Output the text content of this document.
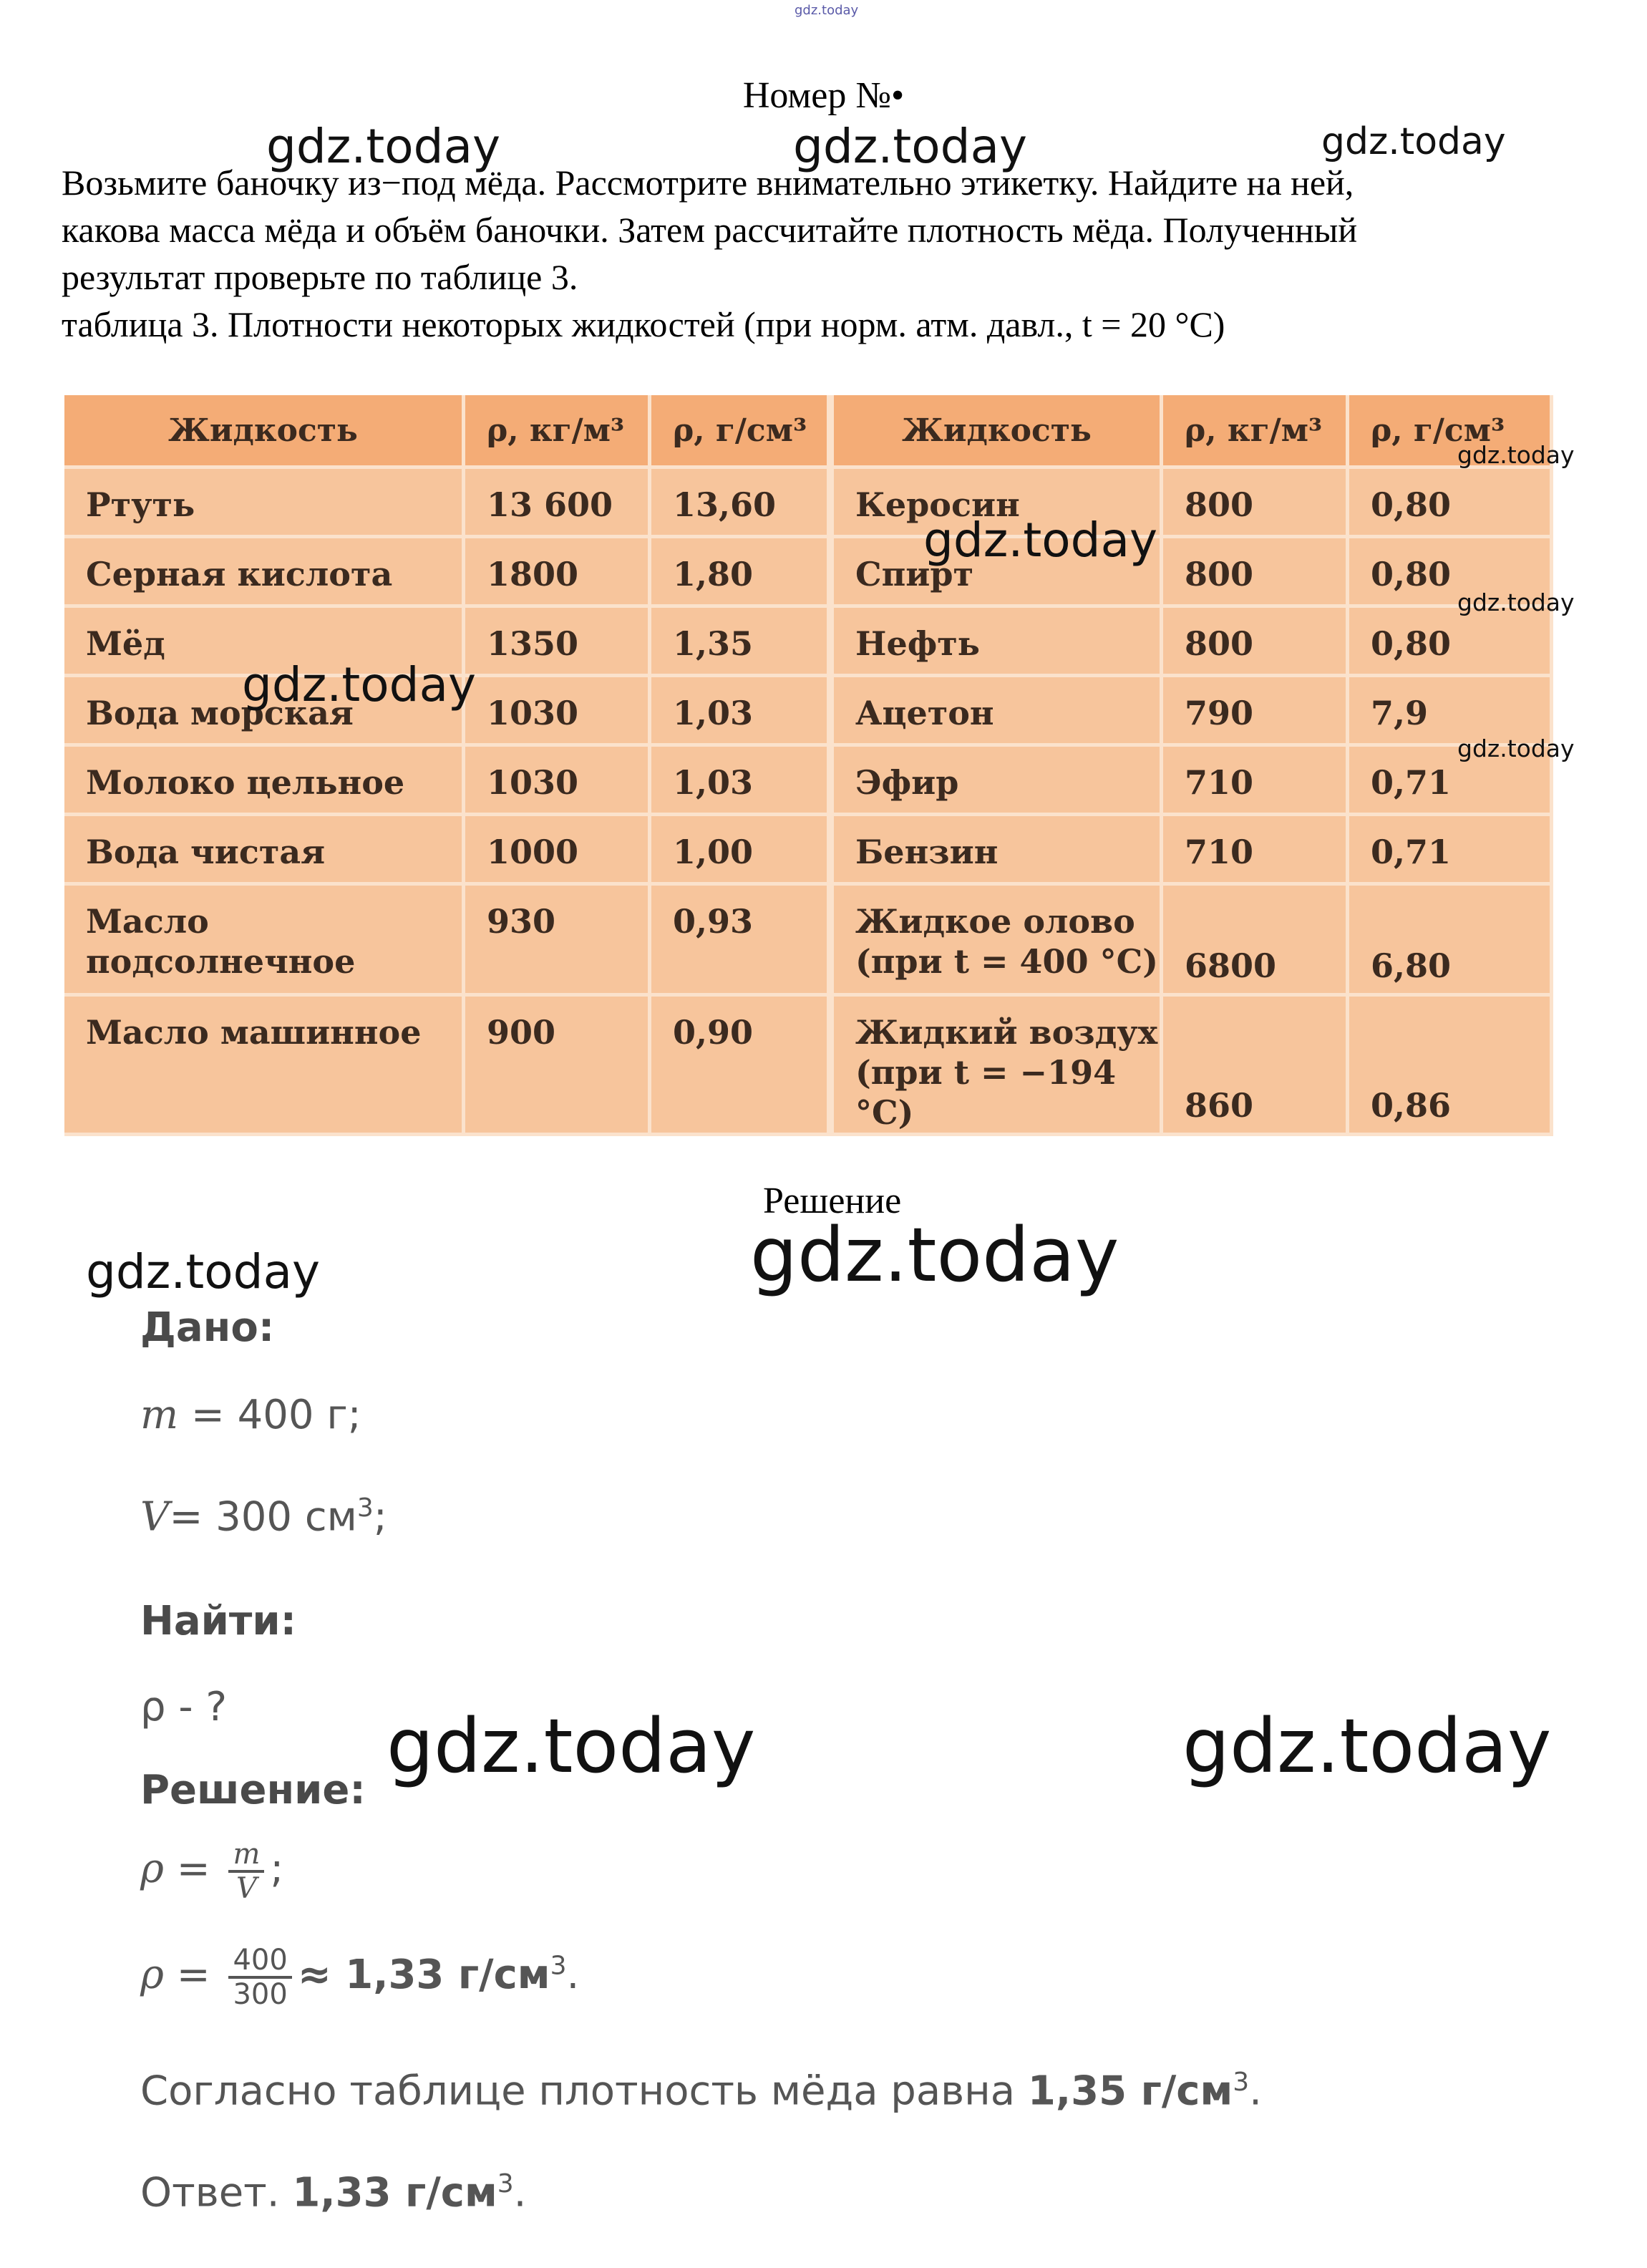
gdz.today
gdz.today	gdz.today	gdz.today
Номер №•

Возьмите баночку из−под мёда. Рассмотрите внимательно этикетку. Найдите на ней,

какова масса мёда и объём баночки. Затем рассчитайте плотность мёда. Полученный

результат проверьте по таблице 3.

таблица 3. Плотности некоторых жидкостей (при норм. атм. давл., t = 20 °C)

Жидкость	ρ, кг/м³	ρ, г/см³	Жидкость	ρ, кг/м³	ρ, г/см³
Ртуть	13 600	13,60	Керосин	800	0,80
Серная кислота	1800	1,80	Спирт	800	0,80
Мёд	1350	1,35	Нефть	800	0,80
Вода морская	1030	1,03	Ацетон	790	7,9
Молоко цельное	1030	1,03	Эфир	710	0,71
Вода чистая	1000	1,00	Бензин	710	0,71
Масло подсолнечное	930	0,93	Жидкое олово (при t = 400 °C)	6800	6,80
Масло машинное	900	0,90	Жидкий воздух (при t = −194 °C)	860	0,86
gdz.today
gdz.today
gdz.today
gdz.today
gdz.today
Решение
gdz.today
gdz.today
Дано:
m = 400 г;
V= 300 $см^3$;
Найти:
ρ - ?
Решение:
gdz.today	gdz.today
$\rho = \frac{m}{V}$ ;
$\rho = \frac{400}{300} \approx 1,33$ $г/см^3$.
Согласно таблице плотность мёда равна 1,35 $г/см^3$.
Ответ. 1,33 $г/см^3$.
